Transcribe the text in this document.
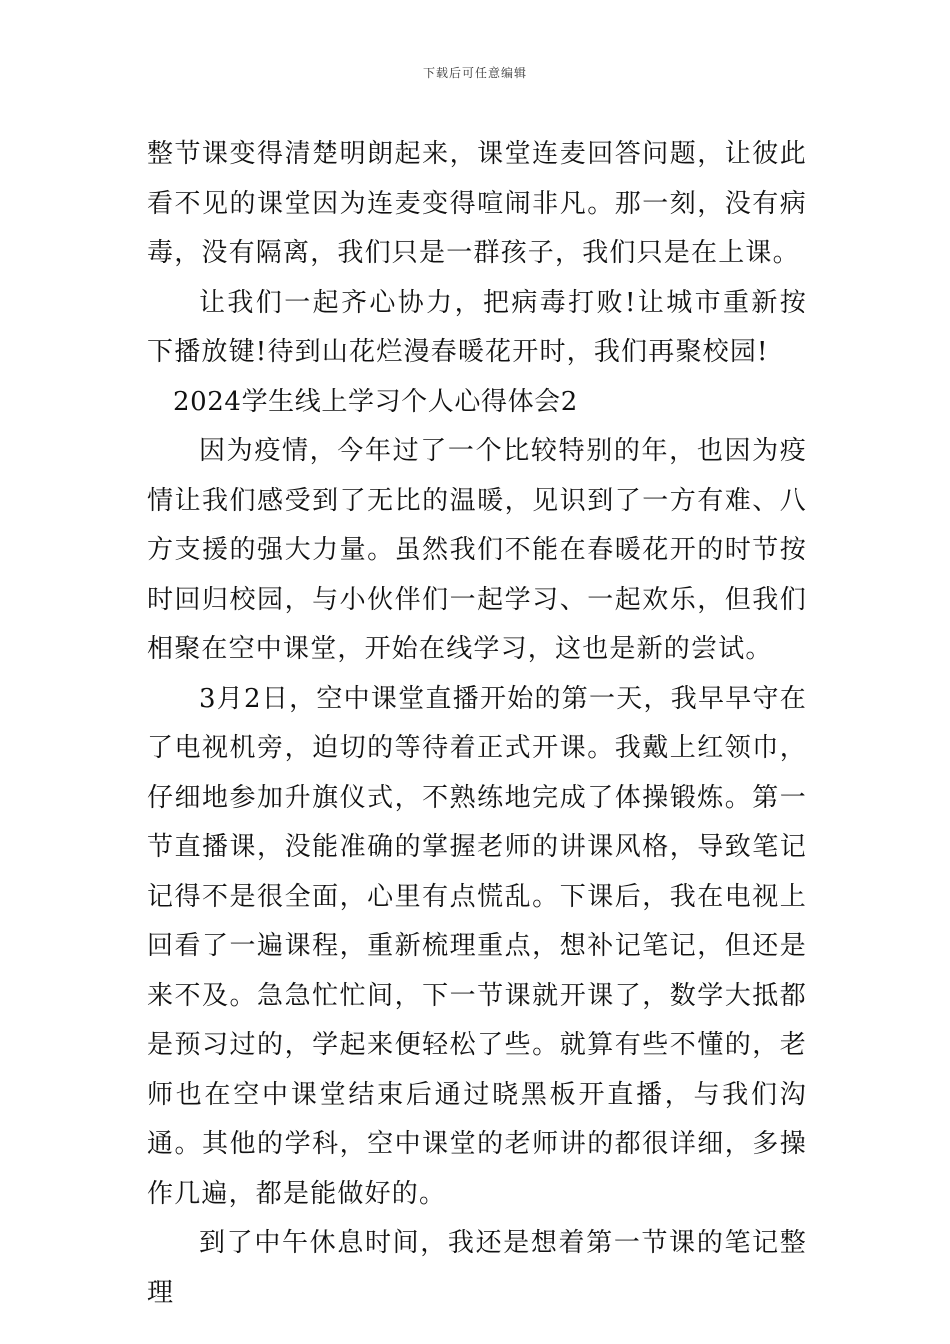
下载后可任意编辑

整节课变得清楚明朗起来，课堂连麦回答问题，让彼此看不见的课堂因为连麦变得喧闹非凡。那一刻，没有病毒，没有隔离，我们只是一群孩子，我们只是在上课。

让我们一起齐心协力，把病毒打败!让城市重新按下播放键!待到山花烂漫春暖花开时，我们再聚校园!

2024学生线上学习个人心得体会2

因为疫情，今年过了一个比较特别的年，也因为疫情让我们感受到了无比的温暖，见识到了一方有难、八方支援的强大力量。虽然我们不能在春暖花开的时节按时回归校园，与小伙伴们一起学习、一起欢乐，但我们相聚在空中课堂，开始在线学习，这也是新的尝试。

3月2日，空中课堂直播开始的第一天，我早早守在了电视机旁，迫切的等待着正式开课。我戴上红领巾，仔细地参加升旗仪式，不熟练地完成了体操锻炼。第一节直播课，没能准确的掌握老师的讲课风格，导致笔记记得不是很全面，心里有点慌乱。下课后，我在电视上回看了一遍课程，重新梳理重点，想补记笔记，但还是来不及。急急忙忙间，下一节课就开课了，数学大抵都是预习过的，学起来便轻松了些。就算有些不懂的，老师也在空中课堂结束后通过晓黑板开直播，与我们沟通。其他的学科，空中课堂的老师讲的都很详细，多操作几遍，都是能做好的。

到了中午休息时间，我还是想着第一节课的笔记整理
